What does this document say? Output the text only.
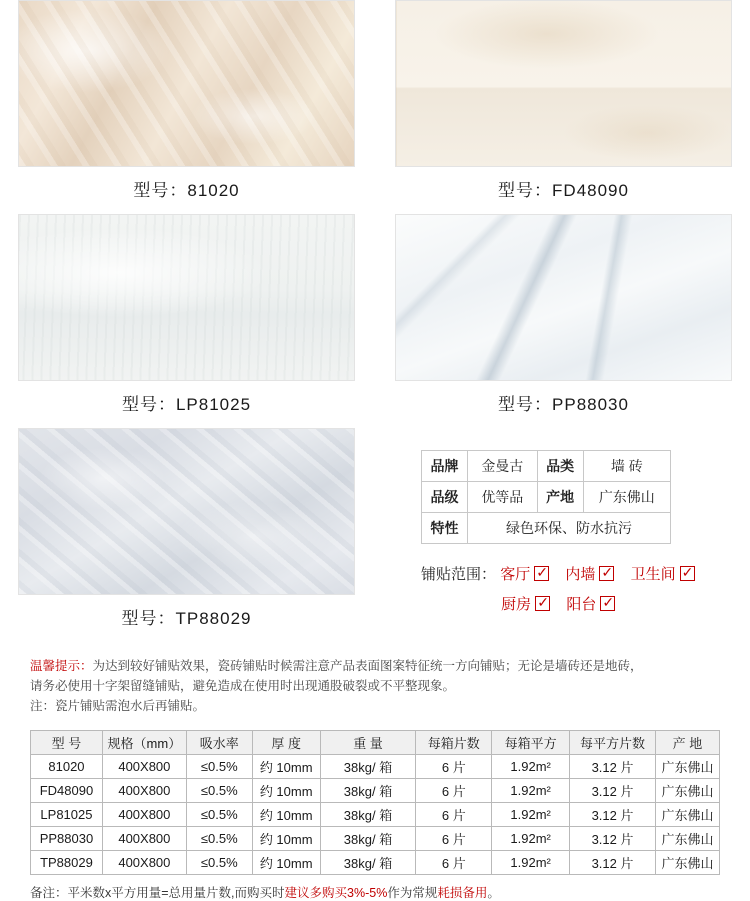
型号：81020	型号：FD48090
型号：LP81025	型号：PP88030
型号：TP88029
品牌	金曼古	品类	墙 砖
品级	优等品	产地	广东佛山
特性	绿色环保、防水抗污		
铺贴范围： 客厅 ✓ 内墙 ✓ 卫生间✓
厨房 ✓ 阳台✓
温馨提示：为达到较好铺贴效果，瓷砖铺贴时候需注意产品表面图案特征统一方向铺贴；无论是墙砖还是地砖，
请务必使用十字架留缝铺贴，避免造成在使用时出现通股破裂或不平整现象。
注：瓷片铺贴需泡水后再铺贴。
型 号	规格（mm）	吸水率	厚 度	重 量	每箱片数	每箱平方	每平方片数	产 地
81020	400X800	≤0.5%	约 10mm	38kg/ 箱	6 片	1.92m²	3.12 片	广东佛山
FD48090	400X800	≤0.5%	约 10mm	38kg/ 箱	6 片	1.92m²	3.12 片	广东佛山
LP81025	400X800	≤0.5%	约 10mm	38kg/ 箱	6 片	1.92m²	3.12 片	广东佛山
PP88030	400X800	≤0.5%	约 10mm	38kg/ 箱	6 片	1.92m²	3.12 片	广东佛山
TP88029	400X800	≤0.5%	约 10mm	38kg/ 箱	6 片	1.92m²	3.12 片	广东佛山
备注：平米数x平方用量=总用量片数,而购买时建议多购买3%-5%作为常规耗损备用。
